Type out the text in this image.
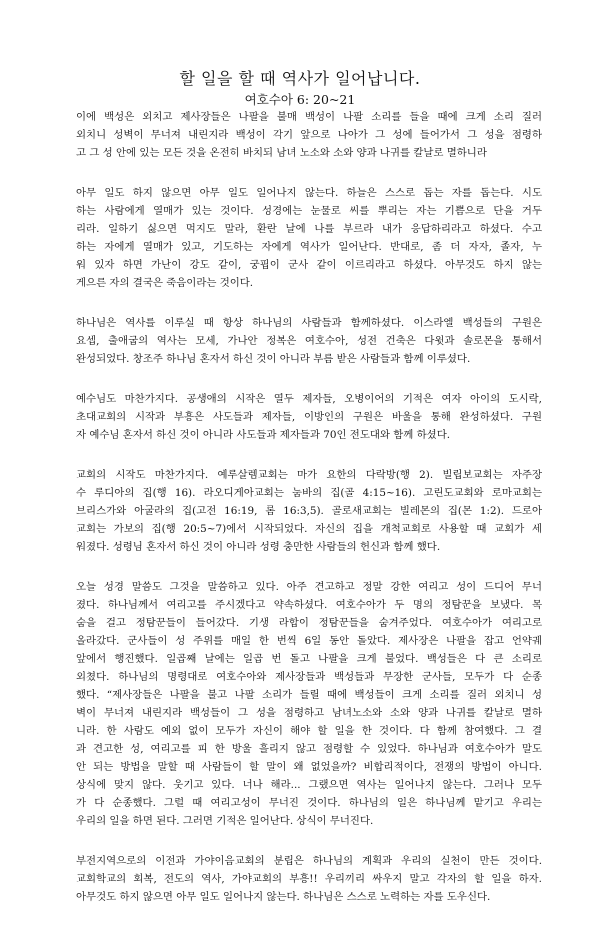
할 일을 할 때 역사가 일어납니다.
여호수아 6: 20~21
이에 백성은 외치고 제사장들은 나팔을 불매 백성이 나팔 소리를 들을 때에 크게 소리 질러
외치니 성벽이 무너져 내린지라 백성이 각기 앞으로 나아가 그 성에 들어가서 그 성을 점령하
고 그 성 안에 있는 모든 것을 온전히 바치되 남녀 노소와 소와 양과 나귀를 칼날로 멸하니라
아무 일도 하지 않으면 아무 일도 일어나지 않는다. 하늘은 스스로 돕는 자를 돕는다. 시도
하는 사람에게 열매가 있는 것이다. 성경에는 눈물로 씨를 뿌리는 자는 기쁨으로 단을 거두
리라. 일하기 싫으면 먹지도 말라, 환란 날에 나를 부르라 내가 응답하리라고 하셨다. 수고
하는 자에게 열매가 있고, 기도하는 자에게 역사가 일어난다. 반대로, 좀 더 자자, 졸자, 누
워 있자 하면 가난이 강도 같이, 궁핍이 군사 같이 이르리라고 하셨다. 아무것도 하지 않는
게으른 자의 결국은 죽음이라는 것이다.
하나님은 역사를 이루실 때 항상 하나님의 사람들과 함께하셨다. 이스라엘 백성들의 구원은
요셉, 출애굽의 역사는 모세, 가나안 정복은 여호수아, 성전 건축은 다윗과 솔로몬을 통해서
완성되었다. 창조주 하나님 혼자서 하신 것이 아니라 부름 받은 사람들과 함께 이루셨다.
예수님도 마찬가지다. 공생애의 시작은 열두 제자들, 오병이어의 기적은 여자 아이의 도시락,
초대교회의 시작과 부흥은 사도들과 제자들, 이방인의 구원은 바울을 통해 완성하셨다. 구원
자 예수님 혼자서 하신 것이 아니라 사도들과 제자들과 70인 전도대와 함께 하셨다.
교회의 시작도 마찬가지다. 예루살렘교회는 마가 요한의 다락방(행 2). 빌립보교회는 자주장
수 루디아의 집(행 16). 라오디게아교회는 눔바의 집(골 4:15~16). 고린도교회와 로마교회는
브리스가와 아굴라의 집(고전 16:19, 롬 16:3,5). 골로새교회는 빌레몬의 집(몬 1:2). 드로아
교회는 가보의 집(행 20:5~7)에서 시작되었다. 자신의 집을 개척교회로 사용할 때 교회가 세
워졌다. 성령님 혼자서 하신 것이 아니라 성령 충만한 사람들의 헌신과 함께 했다.
오늘 성경 말씀도 그것을 말씀하고 있다. 아주 견고하고 정말 강한 여리고 성이 드디어 무너
졌다. 하나님께서 여리고를 주시겠다고 약속하셨다. 여호수아가 두 명의 정탐꾼을 보냈다. 목
숨을 걸고 정탐꾼들이 들어갔다. 기생 라합이 정탐꾼들을 숨겨주었다. 여호수아가 여리고로
올라갔다. 군사들이 성 주위를 매일 한 번씩 6일 동안 돌았다. 제사장은 나팔을 잡고 언약궤
앞에서 행진했다. 일곱째 날에는 일곱 번 돌고 나팔을 크게 불었다. 백성들은 다 큰 소리로
외쳤다. 하나님의 명령대로 여호수아와 제사장들과 백성들과 무장한 군사들, 모두가 다 순종
했다. “제사장들은 나팔을 불고 나팔 소리가 들릴 때에 백성들이 크게 소리를 질러 외치니 성
벽이 무너져 내린지라 백성들이 그 성을 점령하고 남녀노소와 소와 양과 나귀를 칼날로 멸하
니라. 한 사람도 예외 없이 모두가 자신이 해야 할 일을 한 것이다. 다 함께 참여했다. 그 결
과 견고한 성, 여리고를 피 한 방울 흘리지 않고 점령할 수 있었다. 하나님과 여호수아가 말도
안 되는 방법을 말할 때 사람들이 할 말이 왜 없었을까? 비합리적이다, 전쟁의 방법이 아니다.
상식에 맞지 않다. 웃기고 있다. 너나 해라... 그랬으면 역사는 일어나지 않는다. 그러나 모두
가 다 순종했다. 그럴 때 여리고성이 무너진 것이다. 하나님의 일은 하나님께 맡기고 우리는
우리의 일을 하면 된다. 그러면 기적은 일어난다. 상식이 무너진다.
부전지역으로의 이전과 가야이음교회의 분립은 하나님의 계획과 우리의 실천이 만든 것이다.
교회학교의 회복, 전도의 역사, 가야교회의 부흥!! 우리끼리 싸우지 말고 각자의 할 일을 하자.
아무것도 하지 않으면 아무 일도 일어나지 않는다. 하나님은 스스로 노력하는 자를 도우신다.
